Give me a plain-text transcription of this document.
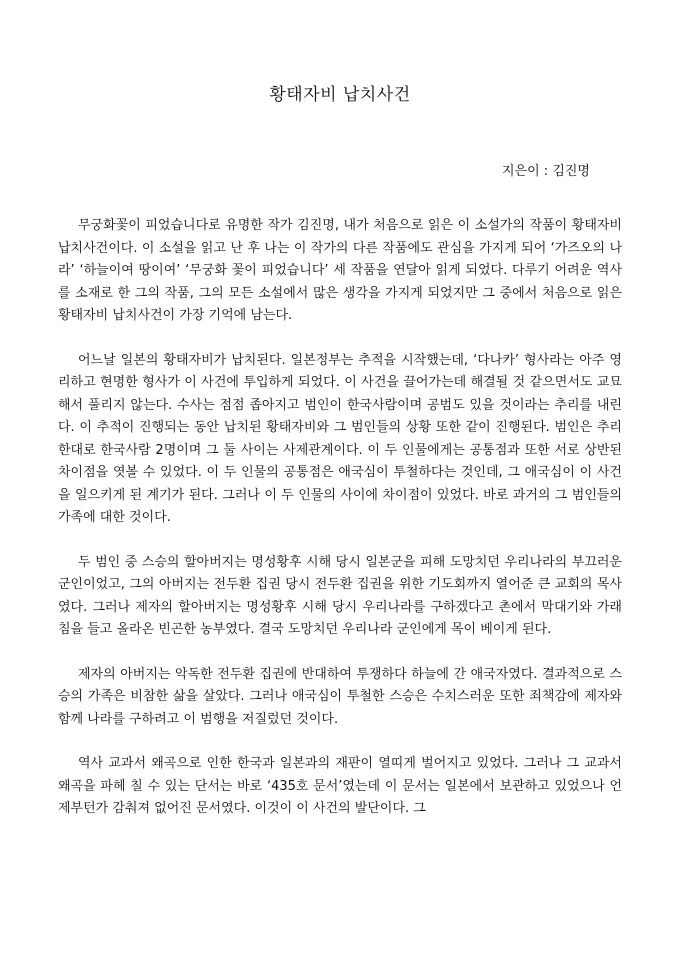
황태자비 납치사건

지은이 : 김진명

무궁화꽃이 피었습니다로 유명한 작가 김진명, 내가 처음으로 읽은 이 소설가의 작품이 황태자비 납치사건이다. 이 소설을 읽고 난 후 나는 이 작가의 다른 작품에도 관심을 가지게 되어 ‘가즈오의 나라’ ‘하늘이여 땅이여’ ‘무궁화 꽃이 피었습니다’ 세 작품을 연달아 읽게 되었다. 다루기 어려운 역사를 소재로 한 그의 작품, 그의 모든 소설에서 많은 생각을 가지게 되었지만 그 중에서 처음으로 읽은 황태자비 납치사건이 가장 기억에 남는다.

어느날 일본의 황태자비가 납치된다. 일본정부는 추적을 시작했는데, ‘다나카’ 형사라는 아주 영리하고 현명한 형사가 이 사건에 투입하게 되었다. 이 사건을 끌어가는데 해결될 것 같으면서도 교묘해서 풀리지 않는다. 수사는 점점 좁아지고 범인이 한국사람이며 공범도 있을 것이라는 추리를 내린다. 이 추적이 진행되는 동안 납치된 황태자비와 그 범인들의 상황 또한 같이 진행된다. 범인은 추리한대로 한국사람 2명이며 그 둘 사이는 사제관계이다. 이 두 인물에게는 공통점과 또한 서로 상반된 차이점을 엿볼 수 있었다. 이 두 인물의 공통점은 애국심이 투철하다는 것인데, 그 애국심이 이 사건을 일으키게 된 계기가 된다. 그러나 이 두 인물의 사이에 차이점이 있었다. 바로 과거의 그 범인들의 가족에 대한 것이다.

두 범인 중 스승의 할아버지는 명성황후 시해 당시 일본군을 피해 도망치던 우리나라의 부끄러운 군인이었고, 그의 아버지는 전두환 집권 당시 전두환 집권을 위한 기도회까지 열어준 큰 교회의 목사였다. 그러나 제자의 할아버지는 명성황후 시해 당시 우리나라를 구하겠다고 촌에서 막대기와 가래침을 들고 올라온 빈곤한 농부였다. 결국 도망치던 우리나라 군인에게 목이 베이게 된다.

제자의 아버지는 악독한 전두환 집권에 반대하여 투쟁하다 하늘에 간 애국자였다. 결과적으로 스승의 가족은 비참한 삶을 살았다. 그러나 애국심이 투철한 스승은 수치스러운 또한 죄책감에 제자와 함께 나라를 구하려고 이 범행을 저질렀던 것이다.

역사 교과서 왜곡으로 인한 한국과 일본과의 재판이 열띠게 벌어지고 있었다. 그러나 그 교과서 왜곡을 파헤 칠 수 있는 단서는 바로 ‘435호 문서’였는데 이 문서는 일본에서 보관하고 있었으나 언제부턴가 감춰져 없어진 문서였다. 이것이 이 사건의 발단이다. 그
